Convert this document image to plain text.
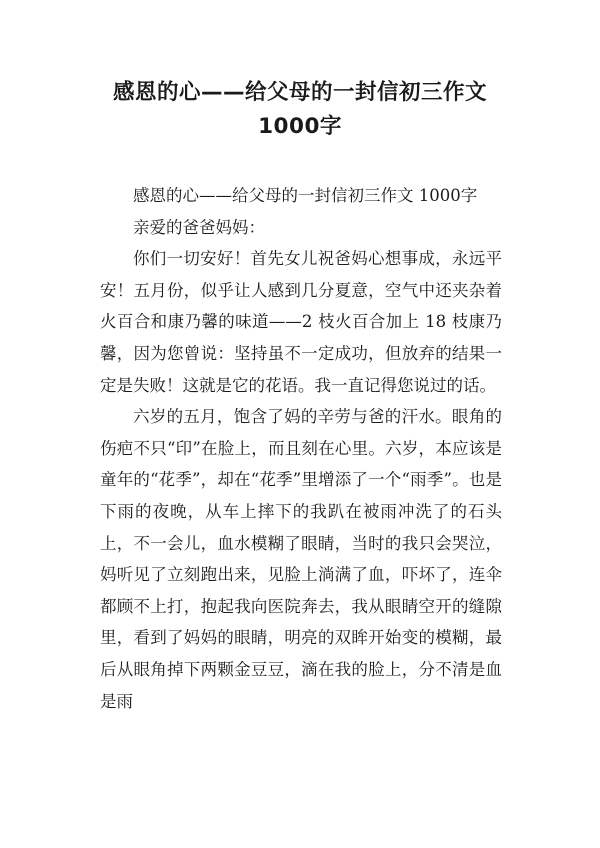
感恩的心——给父母的一封信初三作文1000字

感恩的心——给父母的一封信初三作文 1000字

亲爱的爸爸妈妈：

你们一切安好！首先女儿祝爸妈心想事成，永远平安！五月份，似乎让人感到几分夏意，空气中还夹杂着火百合和康乃馨的味道——2 枝火百合加上 18 枝康乃馨，因为您曾说：坚持虽不一定成功，但放弃的结果一定是失败！这就是它的花语。我一直记得您说过的话。

六岁的五月，饱含了妈的辛劳与爸的汗水。眼角的伤疤不只“印”在脸上，而且刻在心里。六岁，本应该是童年的“花季”，却在“花季”里增添了一个“雨季”。也是下雨的夜晚，从车上摔下的我趴在被雨冲洗了的石头上，不一会儿，血水模糊了眼睛，当时的我只会哭泣，妈听见了立刻跑出来，见脸上淌满了血，吓坏了，连伞都顾不上打，抱起我向医院奔去，我从眼睛空开的缝隙里，看到了妈妈的眼睛，明亮的双眸开始变的模糊，最后从眼角掉下两颗金豆豆，滴在我的脸上，分不清是血是雨
